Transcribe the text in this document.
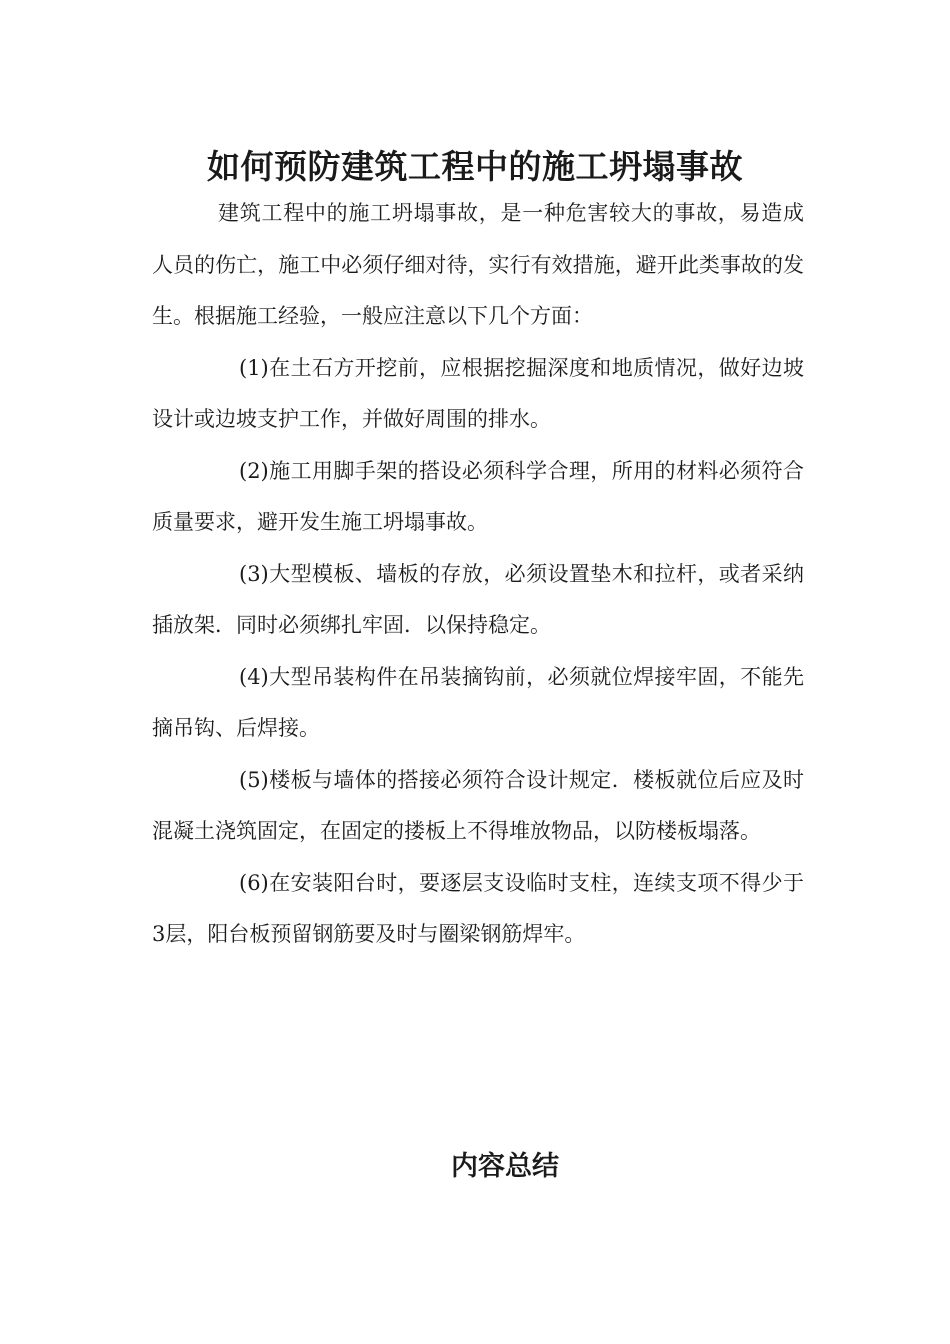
如何预防建筑工程中的施工坍塌事故

建筑工程中的施工坍塌事故，是一种危害较大的事故，易造成人员的伤亡，施工中必须仔细对待，实行有效措施，避开此类事故的发生。根据施工经验，一般应注意以下几个方面：

(1)在土石方开挖前，应根据挖掘深度和地质情况，做好边坡设计或边坡支护工作，并做好周围的排水。

(2)施工用脚手架的搭设必须科学合理，所用的材料必须符合质量要求，避开发生施工坍塌事故。

(3)大型模板、墙板的存放，必须设置垫木和拉杆，或者采纳插放架．同时必须绑扎牢固．以保持稳定。

(4)大型吊装构件在吊装摘钩前，必须就位焊接牢固，不能先摘吊钩、后焊接。

(5)楼板与墙体的搭接必须符合设计规定．楼板就位后应及时混凝土浇筑固定，在固定的搂板上不得堆放物品，以防楼板塌落。

(6)在安装阳台时，要逐层支设临时支柱，连续支项不得少于3层，阳台板预留钢筋要及时与圈梁钢筋焊牢。

内容总结
